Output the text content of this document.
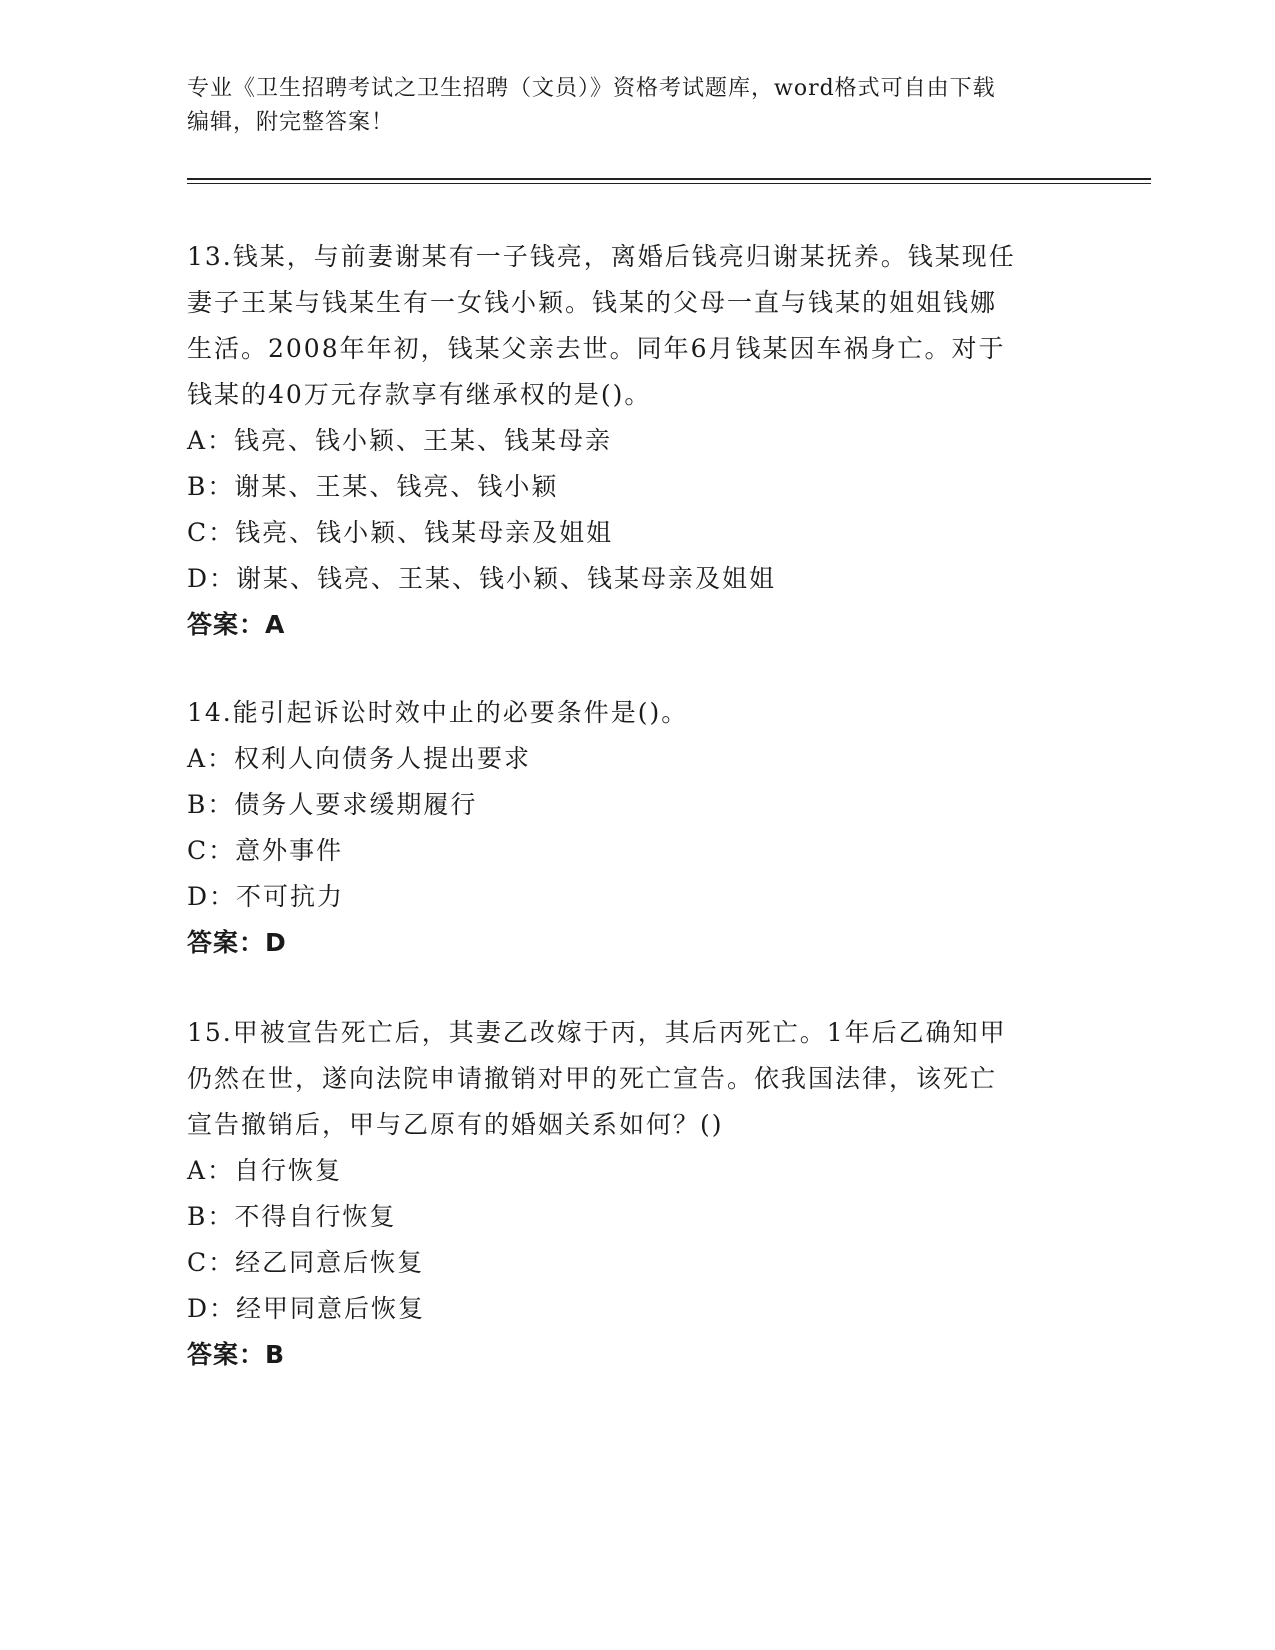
专业《卫生招聘考试之卫生招聘（文员）》资格考试题库，word格式可自由下载
编辑，附完整答案！
13.钱某，与前妻谢某有一子钱亮，离婚后钱亮归谢某抚养。钱某现任
妻子王某与钱某生有一女钱小颖。钱某的父母一直与钱某的姐姐钱娜
生活。2008年年初，钱某父亲去世。同年6月钱某因车祸身亡。对于
钱某的40万元存款享有继承权的是()。
A：钱亮、钱小颖、王某、钱某母亲
B：谢某、王某、钱亮、钱小颖
C：钱亮、钱小颖、钱某母亲及姐姐
D：谢某、钱亮、王某、钱小颖、钱某母亲及姐姐
答案：A
14.能引起诉讼时效中止的必要条件是()。
A：权利人向债务人提出要求
B：债务人要求缓期履行
C：意外事件
D：不可抗力
答案：D
15.甲被宣告死亡后，其妻乙改嫁于丙，其后丙死亡。1年后乙确知甲
仍然在世，遂向法院申请撤销对甲的死亡宣告。依我国法律，该死亡
宣告撤销后，甲与乙原有的婚姻关系如何？()
A：自行恢复
B：不得自行恢复
C：经乙同意后恢复
D：经甲同意后恢复
答案：B
